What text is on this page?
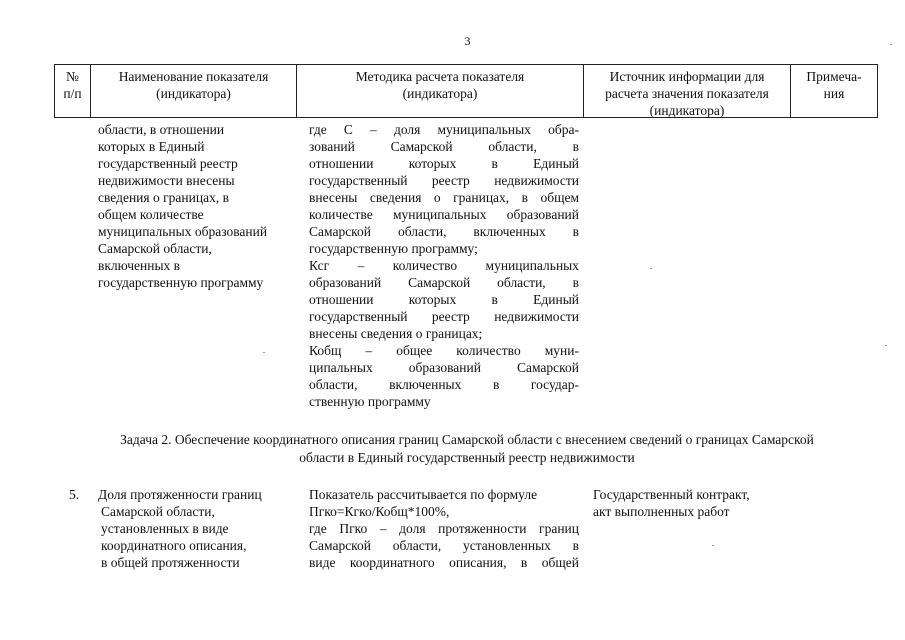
3
№
п/п
Наименование показателя
(индикатора)
Методика расчета показателя
(индикатора)
Источник информации для
расчета значения показателя
(индикатора)
Примеча-
ния
области, в отношении
которых в Единый
государственный реестр
недвижимости внесены
сведения о границах, в
общем количестве
муниципальных образований
Самарской области,
включенных в
государственную программу
где С – доля муниципальных обра-
зований Самарской области, в
отношении которых в Единый
государственный реестр недвижимости
внесены сведения о границах, в общем
количестве муниципальных образований
Самарской области, включенных в
государственную программу;
Ксг – количество муниципальных
образований Самарской области, в
отношении которых в Единый
государственный реестр недвижимости
внесены сведения о границах;
Кобщ – общее количество муни-
ципальных образований Самарской
области, включенных в государ-
ственную программу
Задача 2. Обеспечение координатного описания границ Самарской области с внесением сведений о границах Самарской
области в Единый государственный реестр недвижимости
5.	Доля протяженности границ
Самарской области,
установленных в виде
координатного описания,
в общей протяженности
Показатель рассчитывается по формуле
Пгко=Кгко/Кобщ*100%,
где Пгко – доля протяженности границ
Самарской области, установленных в
виде координатного описания, в общей
Государственный контракт,
акт выполненных работ
